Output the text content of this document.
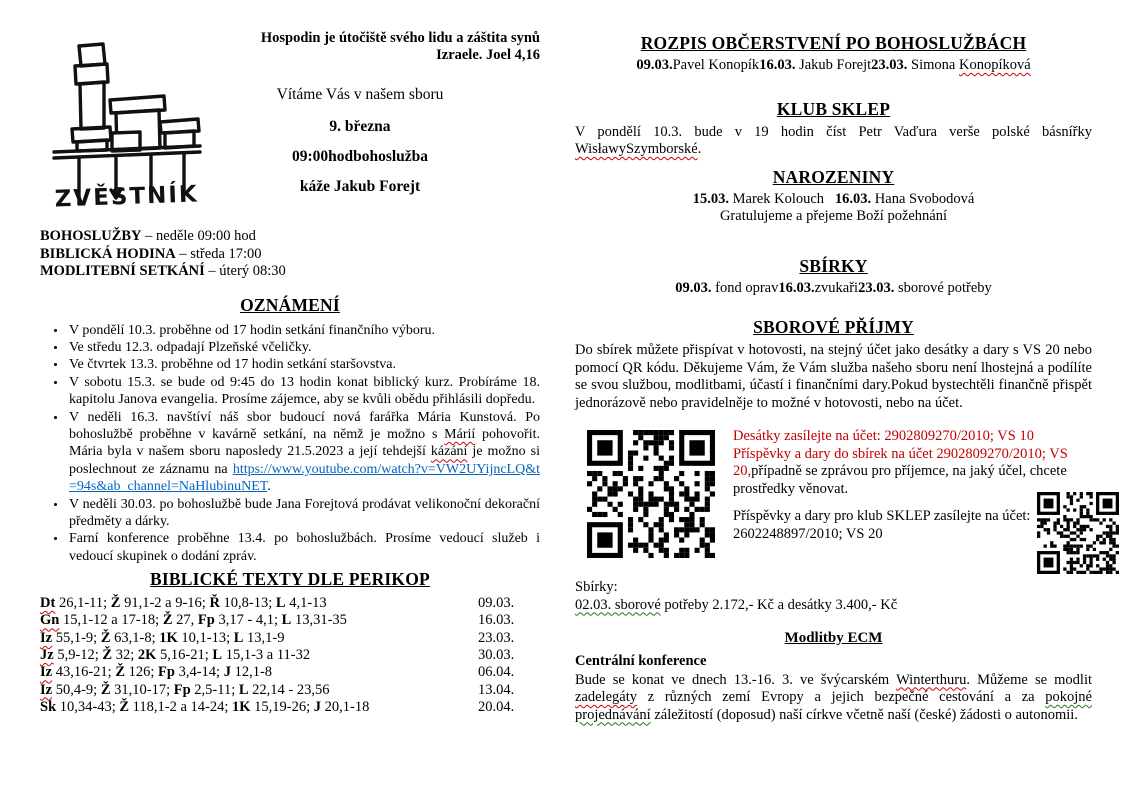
ZVĚSTNÍK
Hospodin je útočiště svého lidu a záštita synů
Izraele. Joel 4,16
Vítáme Vás v našem sboru
9. března
09:00hodbohoslužba
káže Jakub Forejt
BOHOSLUŽBY – neděle 09:00 hod
BIBLICKÁ HODINA – středa 17:00
MODLITEBNÍ SETKÁNÍ – úterý 08:30
OZNÁMENÍ
• V pondělí 10.3. proběhne od 17 hodin setkání finančního výboru.
• Ve středu 12.3. odpadají Plzeňské včeličky.
• Ve čtvrtek 13.3. proběhne od 17 hodin setkání staršovstva.
• V sobotu 15.3. se bude od 9:45 do 13 hodin konat biblický kurz. Probíráme 18. kapitolu Janova evangelia. Prosíme zájemce, aby se kvůli obědu přihlásili dopředu.
• V neděli 16.3. navštíví náš sbor budoucí nová farářka Mária Kunstová. Po bohoslužbě proběhne v kavárně setkání, na němž je možno s Márií pohovořit. Mária byla v našem sboru naposledy 21.5.2023 a její tehdejší kázání je možno si poslechnout ze záznamu na https://www.youtube.com/watch?v=VW2UYijncLQ&t=94s&ab_channel=NaHlubinuNET.
• V neděli 30.03. po bohoslužbě bude Jana Forejtová prodávat velikonoční dekorační předměty a dárky.
• Farní konference proběhne 13.4. po bohoslužbách. Prosíme vedoucí služeb i vedoucí skupinek o dodání zpráv.
BIBLICKÉ TEXTY DLE PERIKOP
Dt 26,1-11; Ž 91,1-2 a 9-16; Ř 10,8-13; L 4,1-13	09.03.
Gn 15,1-12 a 17-18; Ž 27, Fp 3,17 - 4,1; L 13,31-35	16.03.
Iz 55,1-9; Ž 63,1-8; 1K 10,1-13; L 13,1-9	23.03.
Jz 5,9-12; Ž 32; 2K 5,16-21; L 15,1-3 a 11-32	30.03.
Iz 43,16-21; Ž 126; Fp 3,4-14; J 12,1-8	06.04.
Iz 50,4-9; Ž 31,10-17; Fp 2,5-11; L 22,14 - 23,56	13.04.
Sk 10,34-43; Ž 118,1-2 a 14-24; 1K 15,19-26; J 20,1-18	20.04.
ROZPIS OBČERSTVENÍ PO BOHOSLUŽBÁCH
09.03.Pavel Konopík16.03. Jakub Forejt23.03. Simona Konopíková
KLUB SKLEP

V pondělí 10.3. bude v 19 hodin číst Petr Vaďura verše polské básnířky WisławySzymborské.

NAROZENINY
15.03. Marek Kolouch   16.03. Hana Svobodová
Gratulujeme a přejeme Boží požehnání
SBÍRKY
09.03. fond oprav16.03.zvukaři23.03. sborové potřeby
SBOROVÉ PŘÍJMY

Do sbírek můžete přispívat v hotovosti, na stejný účet jako desátky a dary s VS 20 nebo pomocí QR kódu. Děkujeme Vám, že Vám služba našeho sboru není lhostejná a podílíte se svou službou, modlitbami, účastí i finančními dary.Pokud bystechtěli finančně přispět jednorázově nebo pravidelněje to možné v hotovosti, nebo na účet.

Desátky zasílejte na účet: 2902809270/2010; VS 10
Příspěvky a dary do sbírek na účet 2902809270/2010; VS 20,případně se zprávou pro příjemce, na jaký účel, chcete prostředky věnovat.
Příspěvky a dary pro klub SKLEP zasílejte na účet: 2602248897/2010; VS 20
Sbírky:
02.03. sborové potřeby 2.172,- Kč a desátky 3.400,- Kč
Modlitby ECM
Centrální konference

Bude se konat ve dnech 13.-16. 3. ve švýcarském Winterthuru. Můžeme se modlit zadelegáty z různých zemí Evropy a jejich bezpečné cestování a za pokojné projednávání záležitostí (doposud) naší církve včetně naší (české) žádosti o autonomii.
